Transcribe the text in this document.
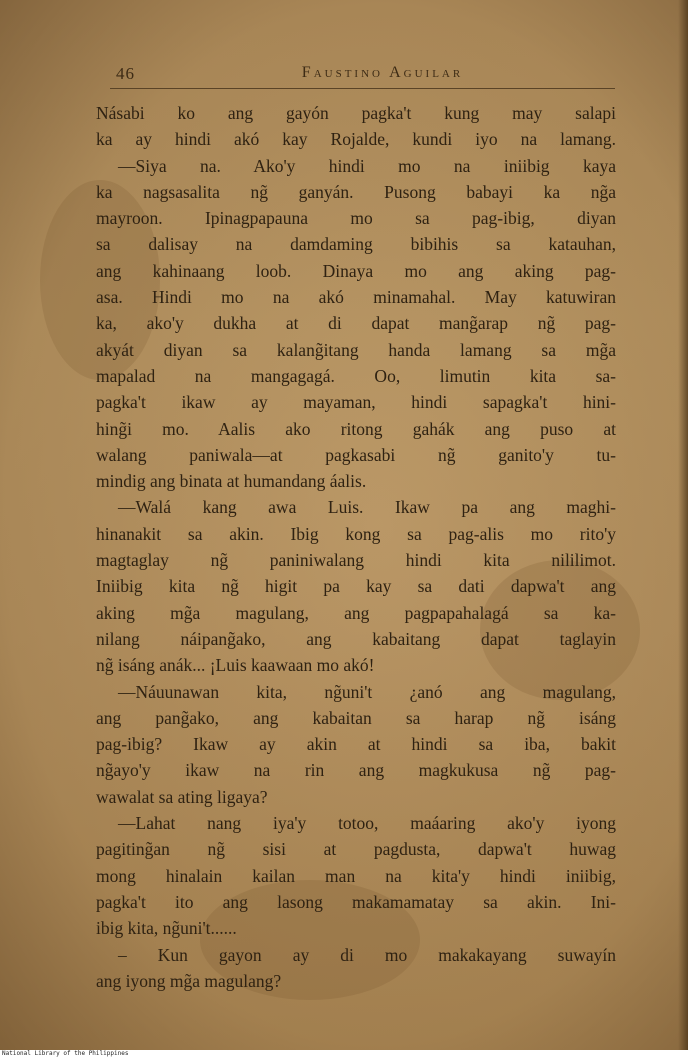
46	Faustino Aguilar
Násabi ko ang gayón pagka't kung may salapi
ka ay hindi akó kay Rojalde, kundi iyo na lamang.
—Siya na. Ako'y hindi mo na iniibig kaya
ka nagsasalita ng̃ ganyán. Pusong babayi ka ng̃a
mayroon. Ipinagpapauna mo sa pag-ibig, diyan
sa dalisay na damdaming bibihis sa katauhan,
ang kahinaang loob. Dinaya mo ang aking pag-
asa. Hindi mo na akó minamahal. May katuwiran
ka, ako'y dukha at di dapat mang̃arap ng̃ pag-
akyát diyan sa kalang̃itang handa lamang sa mg̃a
mapalad na mangagagá. Oo, limutin kita sa-
pagka't ikaw ay mayaman, hindi sapagka't hini-
hing̃i mo. Aalis ako ritong gahák ang puso at
walang paniwala—at pagkasabi ng̃ ganito'y tu-
mindig ang binata at humandang áalis.
—Walá kang awa Luis. Ikaw pa ang maghi-
hinanakit sa akin. Ibig kong sa pag-alis mo rito'y
magtaglay ng̃ paniniwalang hindi kita nililimot.
Iniibig kita ng̃ higit pa kay sa dati dapwa't ang
aking mg̃a magulang, ang pagpapahalagá sa ka-
nilang náipang̃ako, ang kabaitang dapat taglayin
ng̃ isáng anák... ¡Luis kaawaan mo akó!
—Náuunawan kita, ng̃uni't ¿anó ang magulang,
ang pang̃ako, ang kabaitan sa harap ng̃ isáng
pag-ibig? Ikaw ay akin at hindi sa iba, bakit
ng̃ayo'y ikaw na rin ang magkukusa ng̃ pag-
wawalat sa ating ligaya?
—Lahat nang iya'y totoo, maáaring ako'y iyong
pagiting̃an ng̃ sisi at pagdusta, dapwa't huwag
mong hinalain kailan man na kita'y hindi iniibig,
pagka't ito ang lasong makamamatay sa akin. Ini-
ibig kita, ng̃uni't......
– Kun gayon ay di mo makakayang suwayín
ang iyong mg̃a magulang?
National Library of the Philippines
